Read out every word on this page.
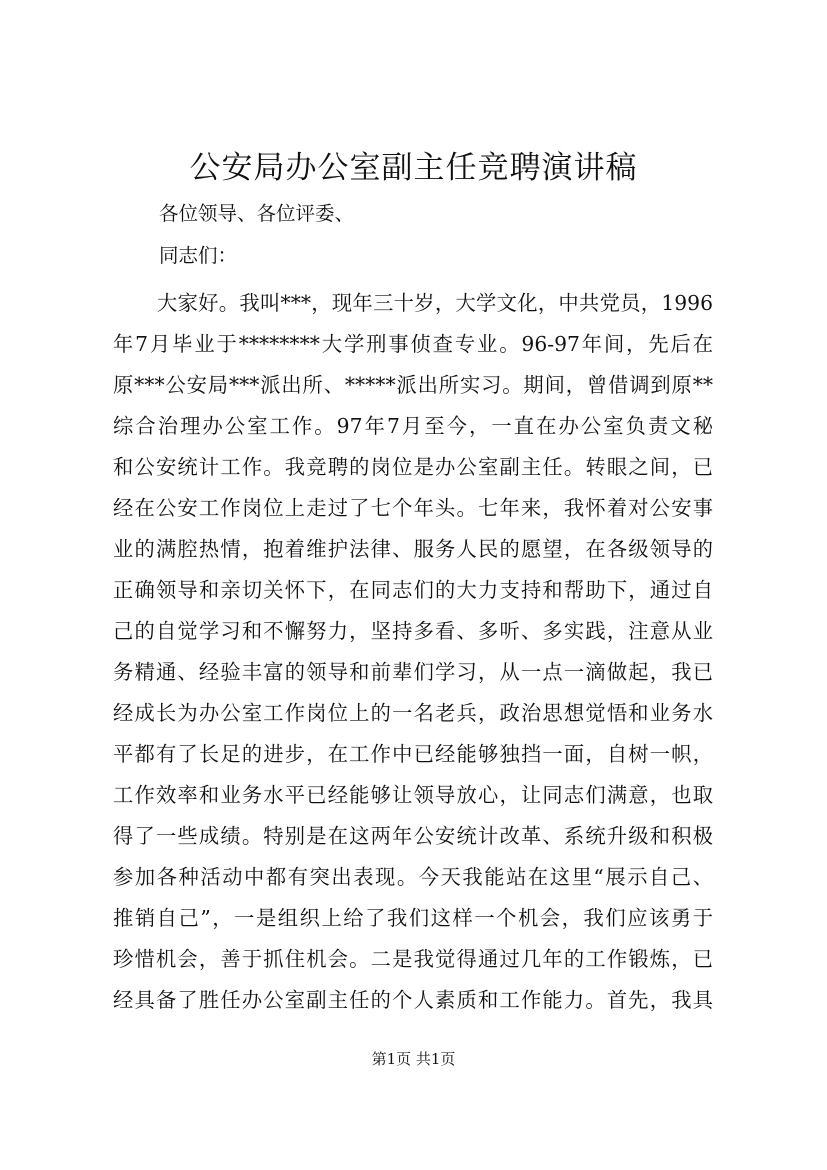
公安局办公室副主任竞聘演讲稿

各位领导、各位评委、

同志们：

大家好。我叫***，现年三十岁，大学文化，中共党员，1996
年7月毕业于********大学刑事侦查专业。96-97年间，先后在
原***公安局***派出所、*****派出所实习。期间，曾借调到原**
综合治理办公室工作。97年7月至今，一直在办公室负责文秘
和公安统计工作。我竞聘的岗位是办公室副主任。转眼之间，已
经在公安工作岗位上走过了七个年头。七年来，我怀着对公安事
业的满腔热情，抱着维护法律、服务人民的愿望，在各级领导的
正确领导和亲切关怀下，在同志们的大力支持和帮助下，通过自
己的自觉学习和不懈努力，坚持多看、多听、多实践，注意从业
务精通、经验丰富的领导和前辈们学习，从一点一滴做起，我已
经成长为办公室工作岗位上的一名老兵，政治思想觉悟和业务水
平都有了长足的进步，在工作中已经能够独挡一面，自树一帜，
工作效率和业务水平已经能够让领导放心，让同志们满意，也取
得了一些成绩。特别是在这两年公安统计改革、系统升级和积极
参加各种活动中都有突出表现。今天我能站在这里“展示自己、
推销自己”，一是组织上给了我们这样一个机会，我们应该勇于
珍惜机会，善于抓住机会。二是我觉得通过几年的工作锻炼，已
经具备了胜任办公室副主任的个人素质和工作能力。首先，我具

第1页 共1页
